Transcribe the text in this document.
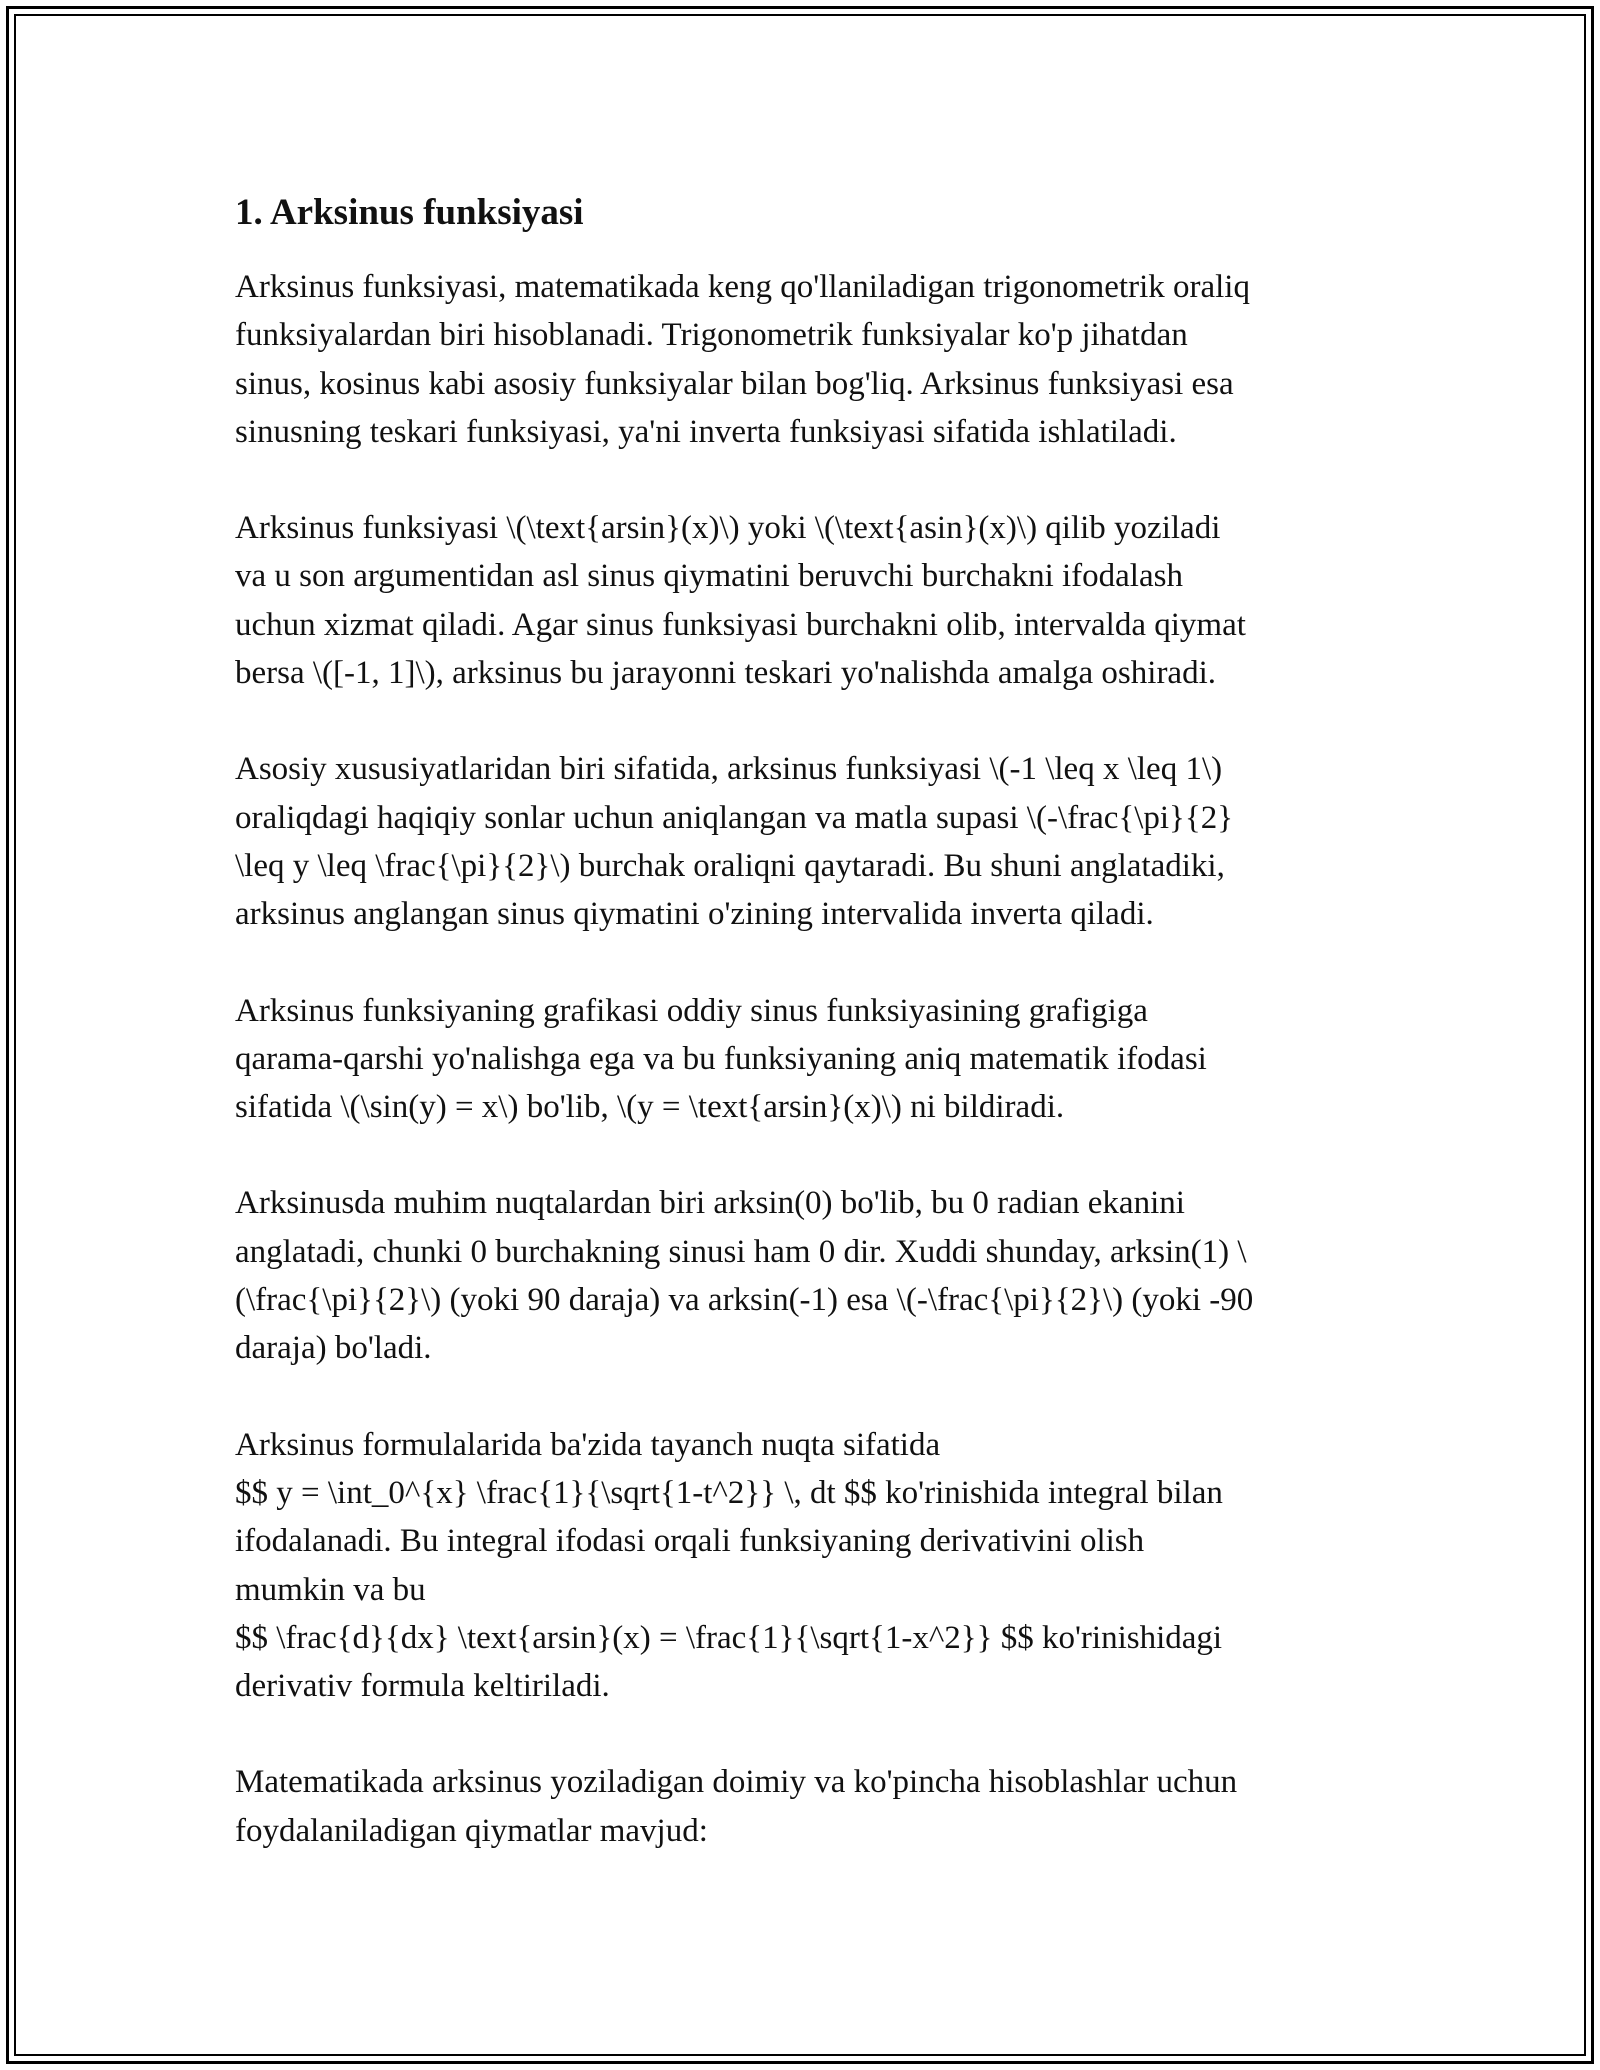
1. Arksinus funksiyasi
Arksinus funksiyasi, matematikada keng qo'llaniladigan trigonometrik oraliq
funksiyalardan biri hisoblanadi. Trigonometrik funksiyalar ko'p jihatdan
sinus, kosinus kabi asosiy funksiyalar bilan bog'liq. Arksinus funksiyasi esa
sinusning teskari funksiyasi, ya'ni inverta funksiyasi sifatida ishlatiladi.
Arksinus funksiyasi \(\text{arsin}(x)\) yoki \(\text{asin}(x)\) qilib yoziladi
va u son argumentidan asl sinus qiymatini beruvchi burchakni ifodalash
uchun xizmat qiladi. Agar sinus funksiyasi burchakni olib, intervalda qiymat
bersa \([-1, 1]\), arksinus bu jarayonni teskari yo'nalishda amalga oshiradi.
Asosiy xususiyatlaridan biri sifatida, arksinus funksiyasi \(-1 \leq x \leq 1\)
oraliqdagi haqiqiy sonlar uchun aniqlangan va matla supasi \(-\frac{\pi}{2}
\leq y \leq \frac{\pi}{2}\) burchak oraliqni qaytaradi. Bu shuni anglatadiki,
arksinus anglangan sinus qiymatini o'zining intervalida inverta qiladi.
Arksinus funksiyaning grafikasi oddiy sinus funksiyasining grafigiga
qarama-qarshi yo'nalishga ega va bu funksiyaning aniq matematik ifodasi
sifatida \(\sin(y) = x\) bo'lib, \(y = \text{arsin}(x)\) ni bildiradi.
Arksinusda muhim nuqtalardan biri arksin(0) bo'lib, bu 0 radian ekanini
anglatadi, chunki 0 burchakning sinusi ham 0 dir. Xuddi shunday, arksin(1) \
(\frac{\pi}{2}\) (yoki 90 daraja) va arksin(-1) esa \(-\frac{\pi}{2}\) (yoki -90
daraja) bo'ladi.
Arksinus formulalarida ba'zida tayanch nuqta sifatida
$$ y = \int_0^{x} \frac{1}{\sqrt{1-t^2}} \, dt $$ ko'rinishida integral bilan
ifodalanadi. Bu integral ifodasi orqali funksiyaning derivativini olish
mumkin va bu
$$ \frac{d}{dx} \text{arsin}(x) = \frac{1}{\sqrt{1-x^2}} $$ ko'rinishidagi
derivativ formula keltiriladi.
Matematikada arksinus yoziladigan doimiy va ko'pincha hisoblashlar uchun
foydalaniladigan qiymatlar mavjud:
